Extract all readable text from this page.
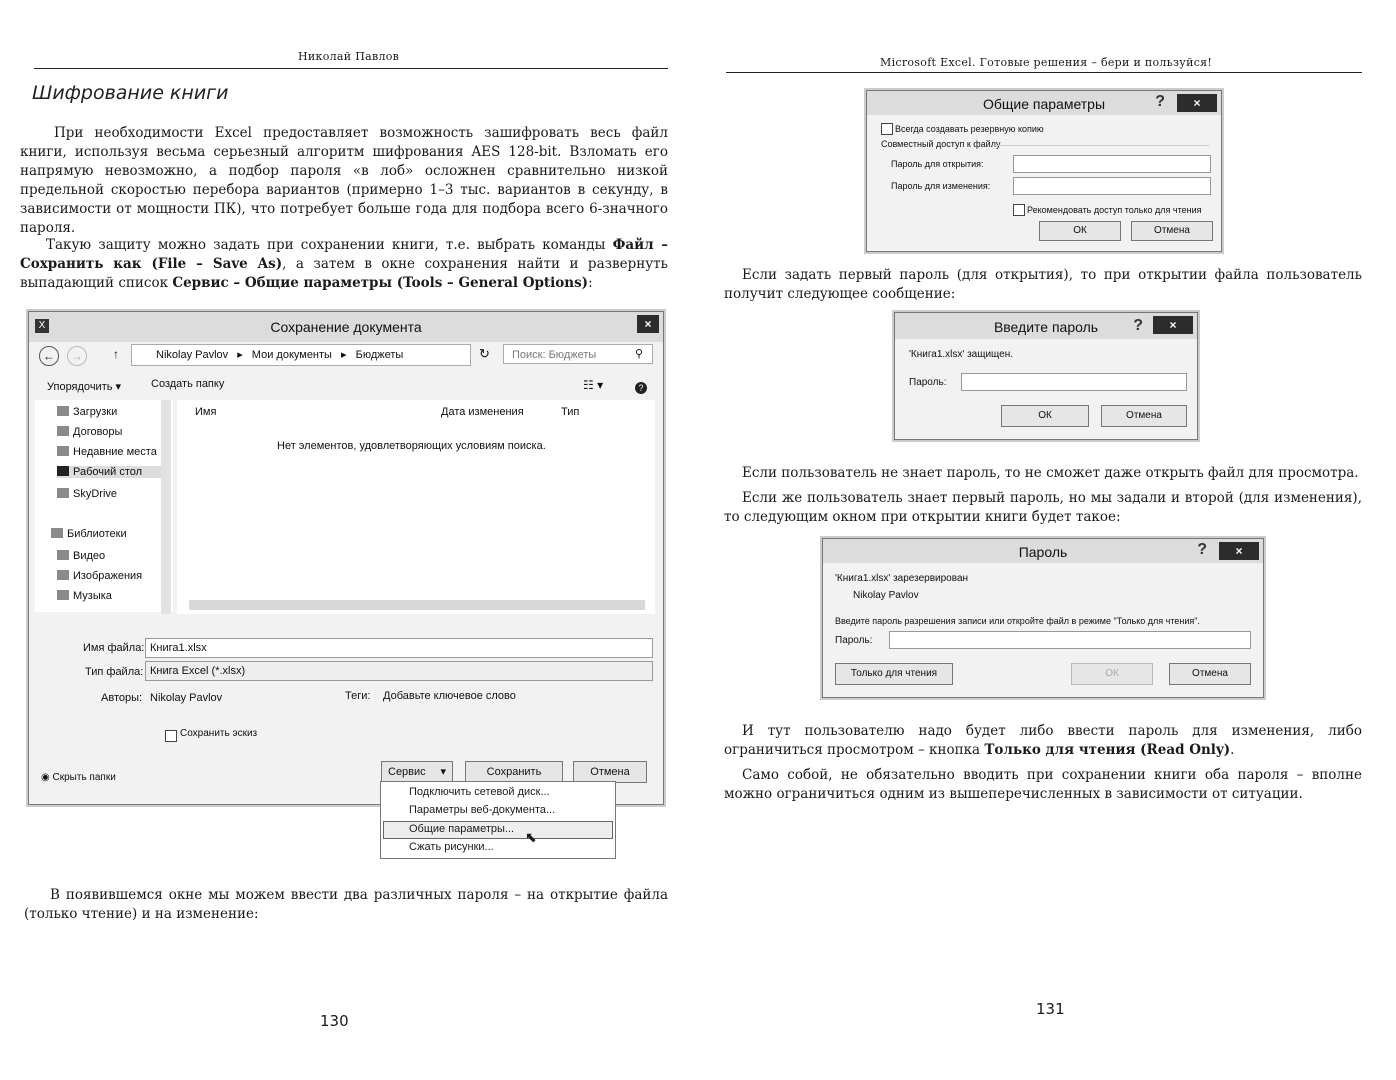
Николай Павлов
Шифрование книги
При необходимости Excel предоставляет возможность зашифровать весь файл книги, используя весьма серьезный алгоритм шифрования AES 128-bit. Взломать его напрямую невозможно, а подбор пароля «в лоб» осложнен сравнительно низкой предельной скоростью перебора вариантов (примерно 1–3 тыс. вариантов в секунду, в зависимости от мощности ПК), что потребует больше года для подбора всего 6-значного пароля.
Такую защиту можно задать при сохранении книги, т.е. выбрать команды Файл – Сохранить как (File – Save As), а затем в окне сохранения найти и развернуть выпадающий список Сервис – Общие параметры (Tools – General Options):
X	Сохранение документа	×
←	→	↑	Nikolay Pavlov ▸ Мои документы ▸ Бюджеты	↻	Поиск: Бюджеты	⚲
Упорядочить ▾	Создать папку	☷ ▾	?
Загрузки
Договоры
Недавние места
Рабочий стол
SkyDrive
Библиотеки
Видео
Изображения
Музыка
Имя	Дата изменения	Тип
Нет элементов, удовлетворяющих условиям поиска.
Имя файла: Книга1.xlsx
Тип файла: Книга Excel (*.xlsx)
Авторы: Nikolay Pavlov	Теги: Добавьте ключевое слово
Сохранить эскиз
◉ Скрыть папки	Сервис ▾	Сохранить	Отмена
Подключить сетевой диск...
Параметры веб-документа...
Общие параметры... ⬉
Сжать рисунки...
В появившемся окне мы можем ввести два различных пароля – на открытие файла (только чтение) и на изменение:
130
Microsoft Excel. Готовые решения – бери и пользуйся!
Общие параметры	?	×
Всегда создавать резервную копию
Совместный доступ к файлу
Пароль для открытия:
Пароль для изменения:
Рекомендовать доступ только для чтения
ОК	Отмена
Если задать первый пароль (для открытия), то при открытии файла пользователь получит следующее сообщение:
Введите пароль	?	×
'Книга1.xlsx' защищен.
Пароль:
ОК	Отмена
Если пользователь не знает пароль, то не сможет даже открыть файл для просмотра.
Если же пользователь знает первый пароль, но мы задали и второй (для изменения), то следующим окном при открытии книги будет такое:
Пароль	?	×
'Книга1.xlsx' зарезервирован
Nikolay Pavlov
Введите пароль разрешения записи или откройте файл в режиме "Только для чтения".
Пароль:
Только для чтения	ОК	Отмена
И тут пользователю надо будет либо ввести пароль для изменения, либо ограничиться просмотром – кнопка Только для чтения (Read Only).
Само собой, не обязательно вводить при сохранении книги оба пароля – вполне можно ограничиться одним из вышеперечисленных в зависимости от ситуации.
131
